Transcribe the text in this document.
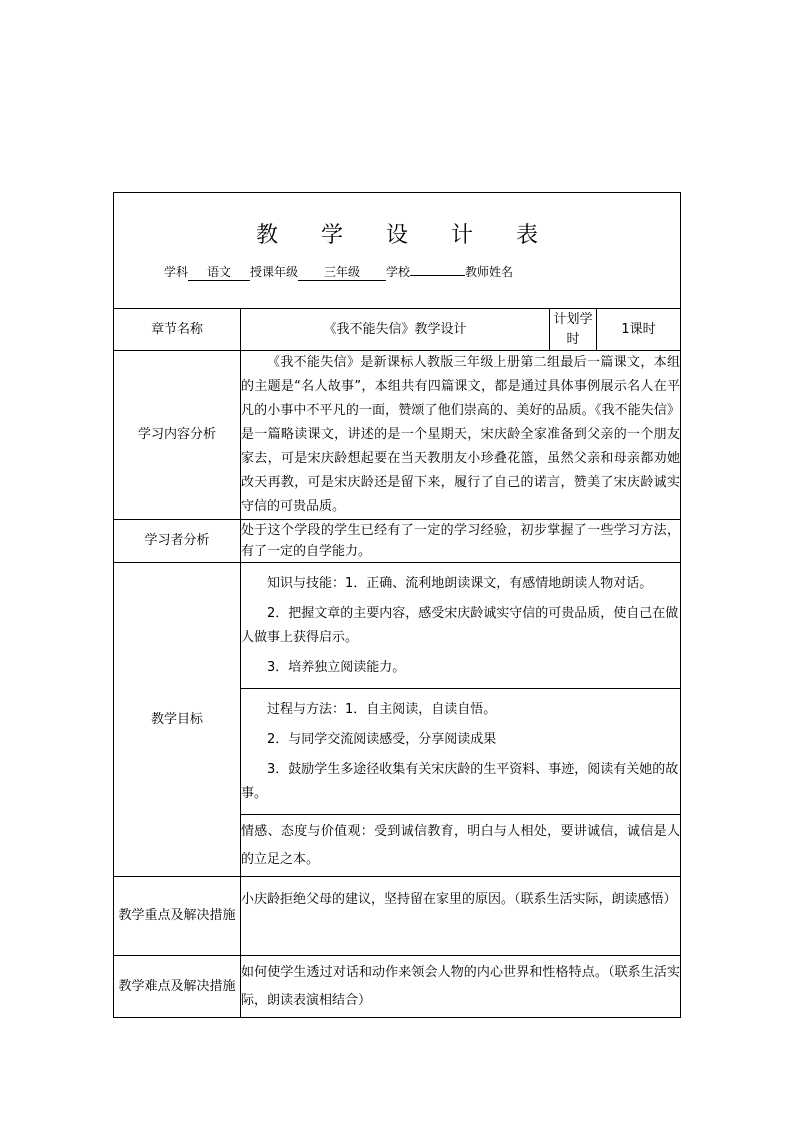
教 学 设 计 表
学科 语文 授课年级 三年级 学校 教师姓名			

章节名称	《我不能失信》教学设计	计划学时	1课时
学习内容分析	《我不能失信》是新课标人教版三年级上册第二组最后一篇课文，本组的主题是“名人故事”，本组共有四篇课文，都是通过具体事例展示名人在平凡的小事中不平凡的一面，赞颂了他们崇高的、美好的品质。《我不能失信》是一篇略读课文，讲述的是一个星期天，宋庆龄全家准备到父亲的一个朋友家去，可是宋庆龄想起要在当天教朋友小珍叠花篮，虽然父亲和母亲都劝她改天再教，可是宋庆龄还是留下来，履行了自己的诺言，赞美了宋庆龄诚实守信的可贵品质。		
学习者分析	处于这个学段的学生已经有了一定的学习经验，初步掌握了一些学习方法，有了一定的自学能力。		
教学目标	知识与技能：1．正确、流利地朗读课文，有感情地朗读人物对话。
2．把握文章的主要内容，感受宋庆龄诚实守信的可贵品质，使自己在做人做事上获得启示。
3．培养独立阅读能力。		

	过程与方法：1．自主阅读，自读自悟。
2．与同学交流阅读感受，分享阅读成果
3．鼓励学生多途径收集有关宋庆龄的生平资料、事迹，阅读有关她的故事。		

	情感、态度与价值观：受到诚信教育，明白与人相处，要讲诚信，诚信是人的立足之本。		
教学重点及解决措施	小庆龄拒绝父母的建议，坚持留在家里的原因。（联系生活实际，朗读感悟）		
教学难点及解决措施	如何使学生透过对话和动作来领会人物的内心世界和性格特点。（联系生活实际，朗读表演相结合）		
